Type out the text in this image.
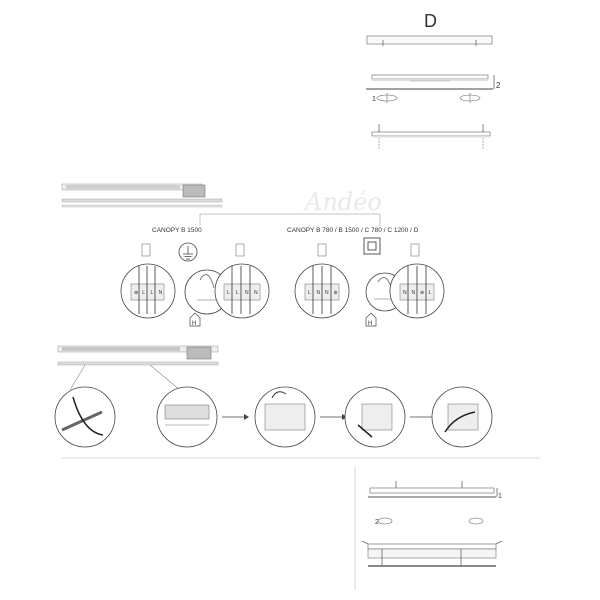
D
2
1
Andéo
CANOPY B 1500	CANOPY B 780 / B 1500 / C 780 / C 1200 / D
H	H
1
2
⊕ L L N	L L N N	L N N ⊕	N N ⊕ L
